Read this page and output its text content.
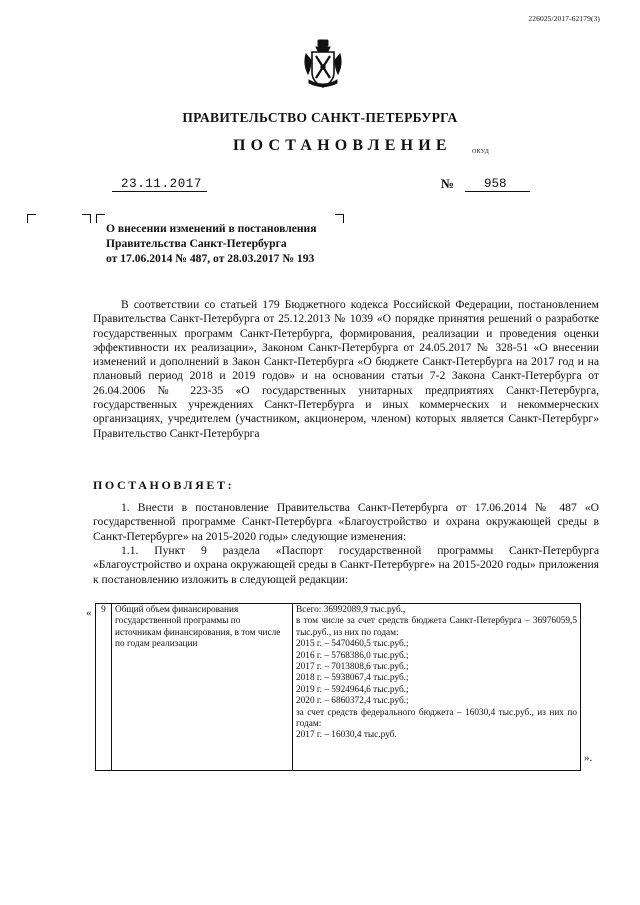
226025/2017-62179(3)
ПРАВИТЕЛЬСТВО САНКТ-ПЕТЕРБУРГА
ПОСТАНОВЛЕНИЕ	ОКУД
23.11.2017	№ 958
О внесении изменений в постановления
Правительства Санкт-Петербурга
от 17.06.2014 № 487, от 28.03.2017 № 193
В соответствии со статьей 179 Бюджетного кодекса Российской Федерации, постановлением Правительства Санкт-Петербурга от 25.12.2013 № 1039 «О порядке принятия решений о разработке государственных программ Санкт-Петербурга, формирования, реализации и проведения оценки эффективности их реализации», Законом Санкт-Петербурга от 24.05.2017 № 328-51 «О внесении изменений и дополнений в Закон Санкт-Петербурга «О бюджете Санкт-Петербурга на 2017 год и на плановый период 2018 и 2019 годов» и на основании статьи 7-2 Закона Санкт-Петербурга от 26.04.2006 № 223-35 «О государственных унитарных предприятиях Санкт-Петербурга, государственных учреждениях Санкт-Петербурга и иных коммерческих и некоммерческих организациях, учредителем (участником, акционером, членом) которых является Санкт-Петербург» Правительство Санкт-Петербурга
ПОСТАНОВЛЯЕТ:
1. Внести в постановление Правительства Санкт-Петербурга от 17.06.2014 № 487 «О государственной программе Санкт-Петербурга «Благоустройство и охрана окружающей среды в Санкт-Петербурге» на 2015-2020 годы» следующие изменения:
1.1. Пункт 9 раздела «Паспорт государственной программы Санкт-Петербурга «Благоустройство и охрана окружающей среды в Санкт-Петербурге» на 2015-2020 годы» приложения к постановлению изложить в следующей редакции:
« 9	Общий объем финансирования государственной программы по источникам финансирования, в том числе по годам реализации	
Всего: 36992089,9 тыс.руб.,
в том числе за счет средств бюджета Санкт-Петербурга – 36976059,5 тыс.руб., из них по годам:
2015 г. – 5470460,5 тыс.руб.;
2016 г. – 5768386,0 тыс.руб.;
2017 г. – 7013808,6 тыс.руб.;
2018 г. – 5938067,4 тыс.руб.;
2019 г. – 5924964,6 тыс.руб.;
2020 г. – 6860372,4 тыс.руб.;
за счет средств федерального бюджета – 16030,4 тыс.руб., из них по годам:
2017 г. – 16030,4 тыс.руб.
».
